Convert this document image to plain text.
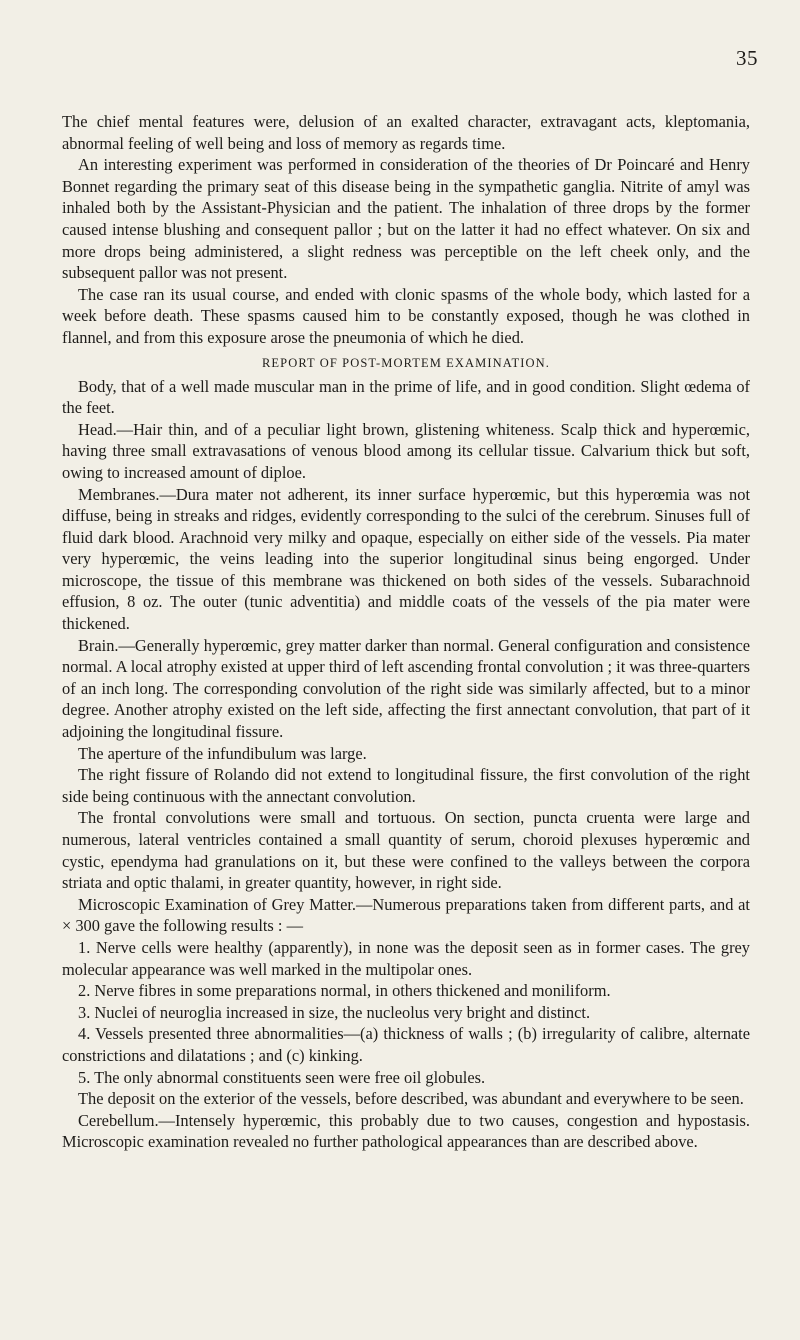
35

The chief mental features were, delusion of an exalted character, extravagant acts, kleptomania, abnormal feeling of well being and loss of memory as regards time.

An interesting experiment was performed in consideration of the theories of Dr Poincaré and Henry Bonnet regarding the primary seat of this disease being in the sympathetic ganglia. Nitrite of amyl was inhaled both by the Assistant-Physician and the patient. The inhalation of three drops by the former caused intense blushing and consequent pallor ; but on the latter it had no effect whatever. On six and more drops being administered, a slight redness was perceptible on the left cheek only, and the subsequent pallor was not present.

The case ran its usual course, and ended with clonic spasms of the whole body, which lasted for a week before death. These spasms caused him to be constantly exposed, though he was clothed in flannel, and from this exposure arose the pneumonia of which he died.

REPORT OF POST-MORTEM EXAMINATION.

Body, that of a well made muscular man in the prime of life, and in good condition. Slight œdema of the feet.

Head.—Hair thin, and of a peculiar light brown, glistening whiteness. Scalp thick and hyperœmic, having three small extravasations of venous blood among its cellular tissue. Calvarium thick but soft, owing to increased amount of diploe.

Membranes.—Dura mater not adherent, its inner surface hyperœmic, but this hyperœmia was not diffuse, being in streaks and ridges, evidently corresponding to the sulci of the cerebrum. Sinuses full of fluid dark blood. Arachnoid very milky and opaque, especially on either side of the vessels. Pia mater very hyperœmic, the veins leading into the superior longitudinal sinus being engorged. Under microscope, the tissue of this membrane was thickened on both sides of the vessels. Subarachnoid effusion, 8 oz. The outer (tunic adventitia) and middle coats of the vessels of the pia mater were thickened.

Brain.—Generally hyperœmic, grey matter darker than normal. General configuration and consistence normal. A local atrophy existed at upper third of left ascending frontal convolution ; it was three-quarters of an inch long. The corresponding convolution of the right side was similarly affected, but to a minor degree. Another atrophy existed on the left side, affecting the first annectant convolution, that part of it adjoining the longitudinal fissure.

The aperture of the infundibulum was large.

The right fissure of Rolando did not extend to longitudinal fissure, the first convolution of the right side being continuous with the annectant convolution.

The frontal convolutions were small and tortuous. On section, puncta cruenta were large and numerous, lateral ventricles contained a small quantity of serum, choroid plexuses hyperœmic and cystic, ependyma had granulations on it, but these were confined to the valleys between the corpora striata and optic thalami, in greater quantity, however, in right side.

Microscopic Examination of Grey Matter.—Numerous preparations taken from different parts, and at × 300 gave the following results : —

1. Nerve cells were healthy (apparently), in none was the deposit seen as in former cases. The grey molecular appearance was well marked in the multipolar ones.

2. Nerve fibres in some preparations normal, in others thickened and moniliform.

3. Nuclei of neuroglia increased in size, the nucleolus very bright and distinct.

4. Vessels presented three abnormalities—(a) thickness of walls ; (b) irregularity of calibre, alternate constrictions and dilatations ; and (c) kinking.

5. The only abnormal constituents seen were free oil globules.

The deposit on the exterior of the vessels, before described, was abundant and everywhere to be seen.

Cerebellum.—Intensely hyperœmic, this probably due to two causes, congestion and hypostasis. Microscopic examination revealed no further pathological appearances than are described above.
